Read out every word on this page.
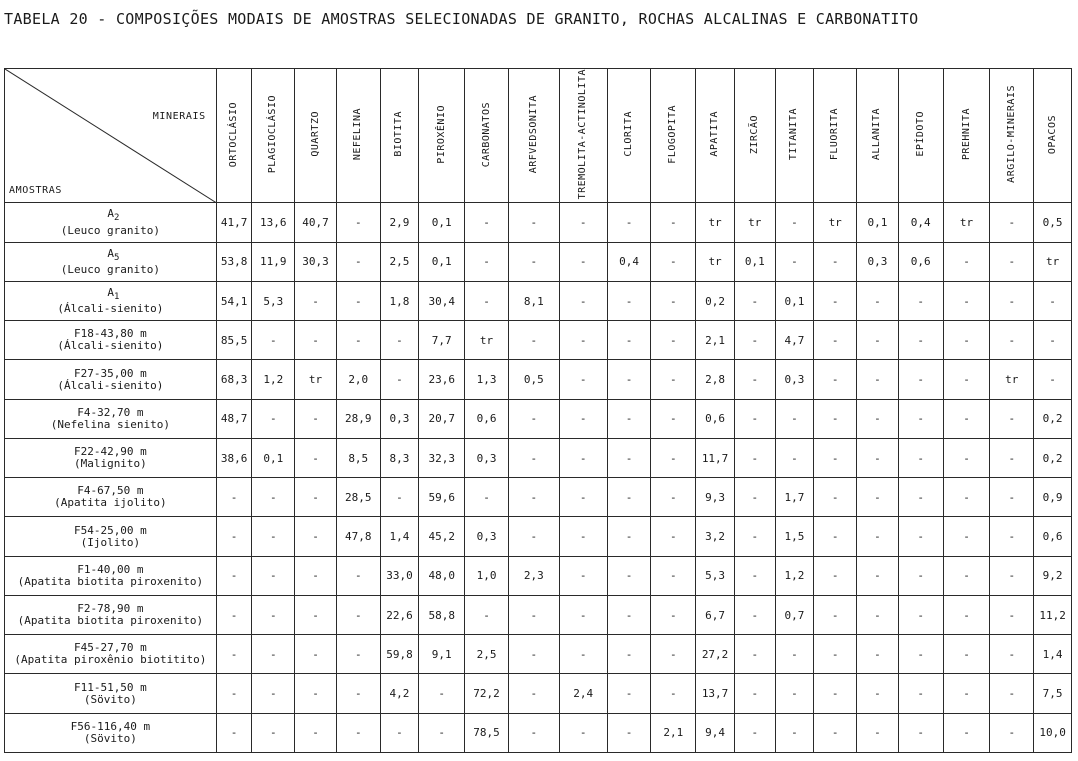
TABELA 20 - COMPOSIÇÕES MODAIS DE AMOSTRAS SELECIONADAS DE GRANITO, ROCHAS ALCALINAS E CARBONATITO
MINERAIS
AMOSTRAS	ORTOCLÁSIO	PLAGIOCLÁSIO	QUARTZO	NEFELINA	BIOTITA	PIROXÊNIO	CARBONATOS	ARFVEDSONITA	TREMOLITA-ACTINOLITA	CLORITA	FLOGOPITA	APATITA	ZIRCÃO	TITANITA	FLUORITA	ALLANITA	EPÍDOTO	PREHNITA	ARGILO-MINERAIS	OPACOS

$A_2$
(Leuco granito)	41,7	13,6	40,7	-	2,9	0,1	-	-	-	-	-	tr	tr	-	tr	0,1	0,4	tr	-	0,5

$A_5$
(Leuco granito)	53,8	11,9	30,3	-	2,5	0,1	-	-	-	0,4	-	tr	0,1	-	-	0,3	0,6	-	-	tr

$A_1$
(Álcali-sienito)	54,1	5,3	-	-	1,8	30,4	-	8,1	-	-	-	0,2	-	0,1	-	-	-	-	-	-

F18-43,80 m
(Álcali-sienito)	85,5	-	-	-	-	7,7	tr	-	-	-	-	2,1	-	4,7	-	-	-	-	-	-

F27-35,00 m
(Álcali-sienito)	68,3	1,2	tr	2,0	-	23,6	1,3	0,5	-	-	-	2,8	-	0,3	-	-	-	-	tr	-

F4-32,70 m
(Nefelina sienito)	48,7	-	-	28,9	0,3	20,7	0,6	-	-	-	-	0,6	-	-	-	-	-	-	-	0,2

F22-42,90 m
(Malignito)	38,6	0,1	-	8,5	8,3	32,3	0,3	-	-	-	-	11,7	-	-	-	-	-	-	-	0,2

F4-67,50 m
(Apatita ijolito)	-	-	-	28,5	-	59,6	-	-	-	-	-	9,3	-	1,7	-	-	-	-	-	0,9

F54-25,00 m
(Ijolito)	-	-	-	47,8	1,4	45,2	0,3	-	-	-	-	3,2	-	1,5	-	-	-	-	-	0,6

F1-40,00 m
(Apatita biotita piroxenito)	-	-	-	-	33,0	48,0	1,0	2,3	-	-	-	5,3	-	1,2	-	-	-	-	-	9,2

F2-78,90 m
(Apatita biotita piroxenito)	-	-	-	-	22,6	58,8	-	-	-	-	-	6,7	-	0,7	-	-	-	-	-	11,2

F45-27,70 m
(Apatita piroxênio biotitito)	-	-	-	-	59,8	9,1	2,5	-	-	-	-	27,2	-	-	-	-	-	-	-	1,4

F11-51,50 m
(Sövito)	-	-	-	-	4,2	-	72,2	-	2,4	-	-	13,7	-	-	-	-	-	-	-	7,5

F56-116,40 m
(Sövito)	-	-	-	-	-	-	78,5	-	-	-	2,1	9,4	-	-	-	-	-	-	-	10,0
